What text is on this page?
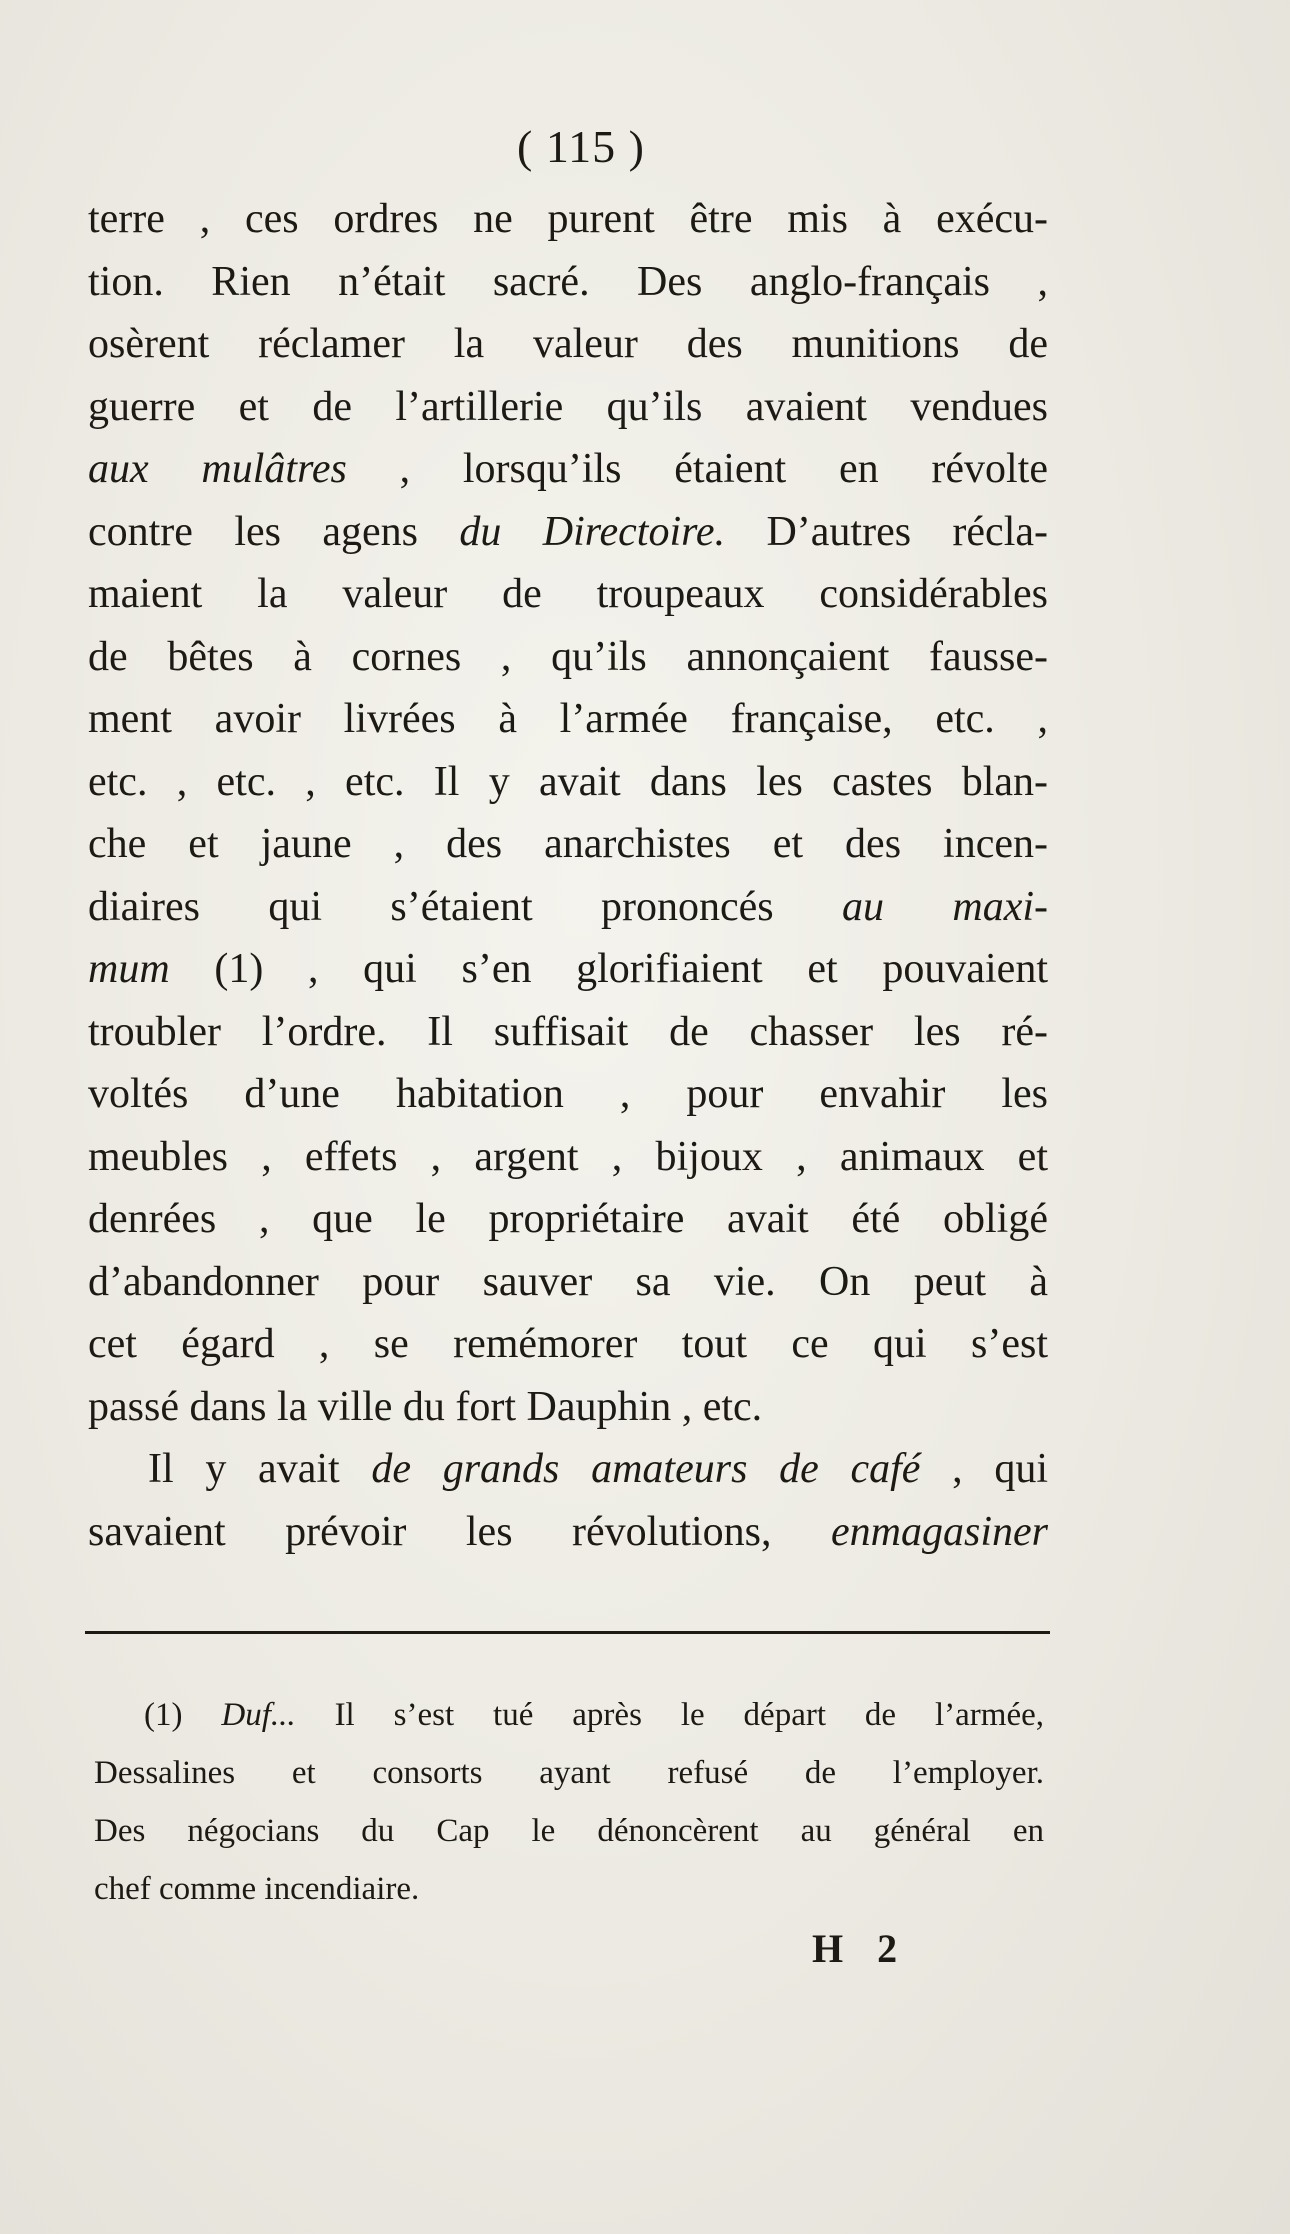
( 115 )
terre , ces ordres ne purent être mis à exécu-
tion. Rien n’était sacré. Des anglo-français ,
osèrent réclamer la valeur des munitions de
guerre et de l’artillerie qu’ils avaient vendues
aux mulâtres , lorsqu’ils étaient en révolte
contre les agens du Directoire. D’autres récla-
maient la valeur de troupeaux considérables
de bêtes à cornes , qu’ils annonçaient fausse-
ment avoir livrées à l’armée française, etc. ,
etc. , etc. , etc. Il y avait dans les castes blan-
che et jaune , des anarchistes et des incen-
diaires qui s’étaient prononcés au maxi-
mum (1) , qui s’en glorifiaient et pouvaient
troubler l’ordre. Il suffisait de chasser les ré-
voltés d’une habitation , pour envahir les
meubles , effets , argent , bijoux , animaux et
denrées , que le propriétaire avait été obligé
d’abandonner pour sauver sa vie. On peut à
cet égard , se remémorer tout ce qui s’est
passé dans la ville du fort Dauphin , etc.
Il y avait de grands amateurs de café , qui
savaient prévoir les révolutions, enmagasiner
(1) Duf... Il s’est tué après le départ de l’armée,
Dessalines et consorts ayant refusé de l’employer.
Des négocians du Cap le dénoncèrent au général en
chef comme incendiaire.
H 2
